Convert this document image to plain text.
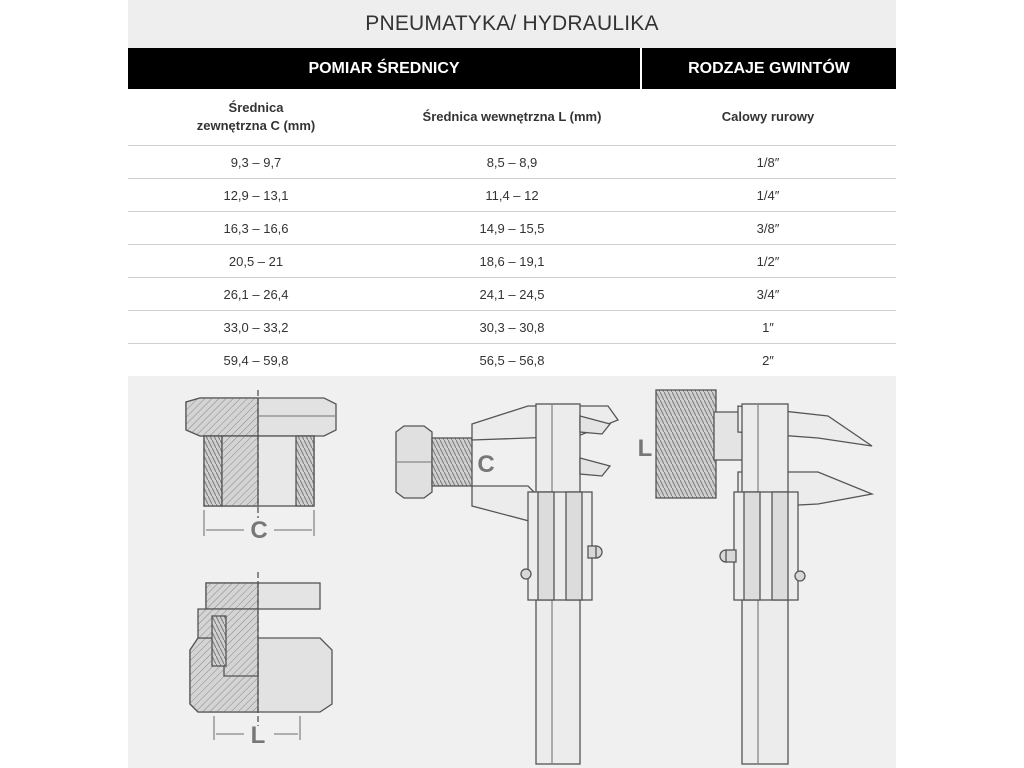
PNEUMATYKA/ HYDRAULIKA
POMIAR ŚREDNICY	RODZAJE GWINTÓW
Średnica
zewnętrzna C (mm)	Średnica wewnętrzna L (mm)	Calowy rurowy
9,3 – 9,7	8,5 – 8,9	1/8″
12,9 – 13,1	11,4 – 12	1/4″
16,3 – 16,6	14,9 – 15,5	3/8″
20,5 – 21	18,6 – 19,1	1/2″
26,1 – 26,4	24,1 – 24,5	3/4″
33,0 – 33,2	30,3 – 30,8	1″
59,4 – 59,8	56,5 – 56,8	2″
C
L
C
L
